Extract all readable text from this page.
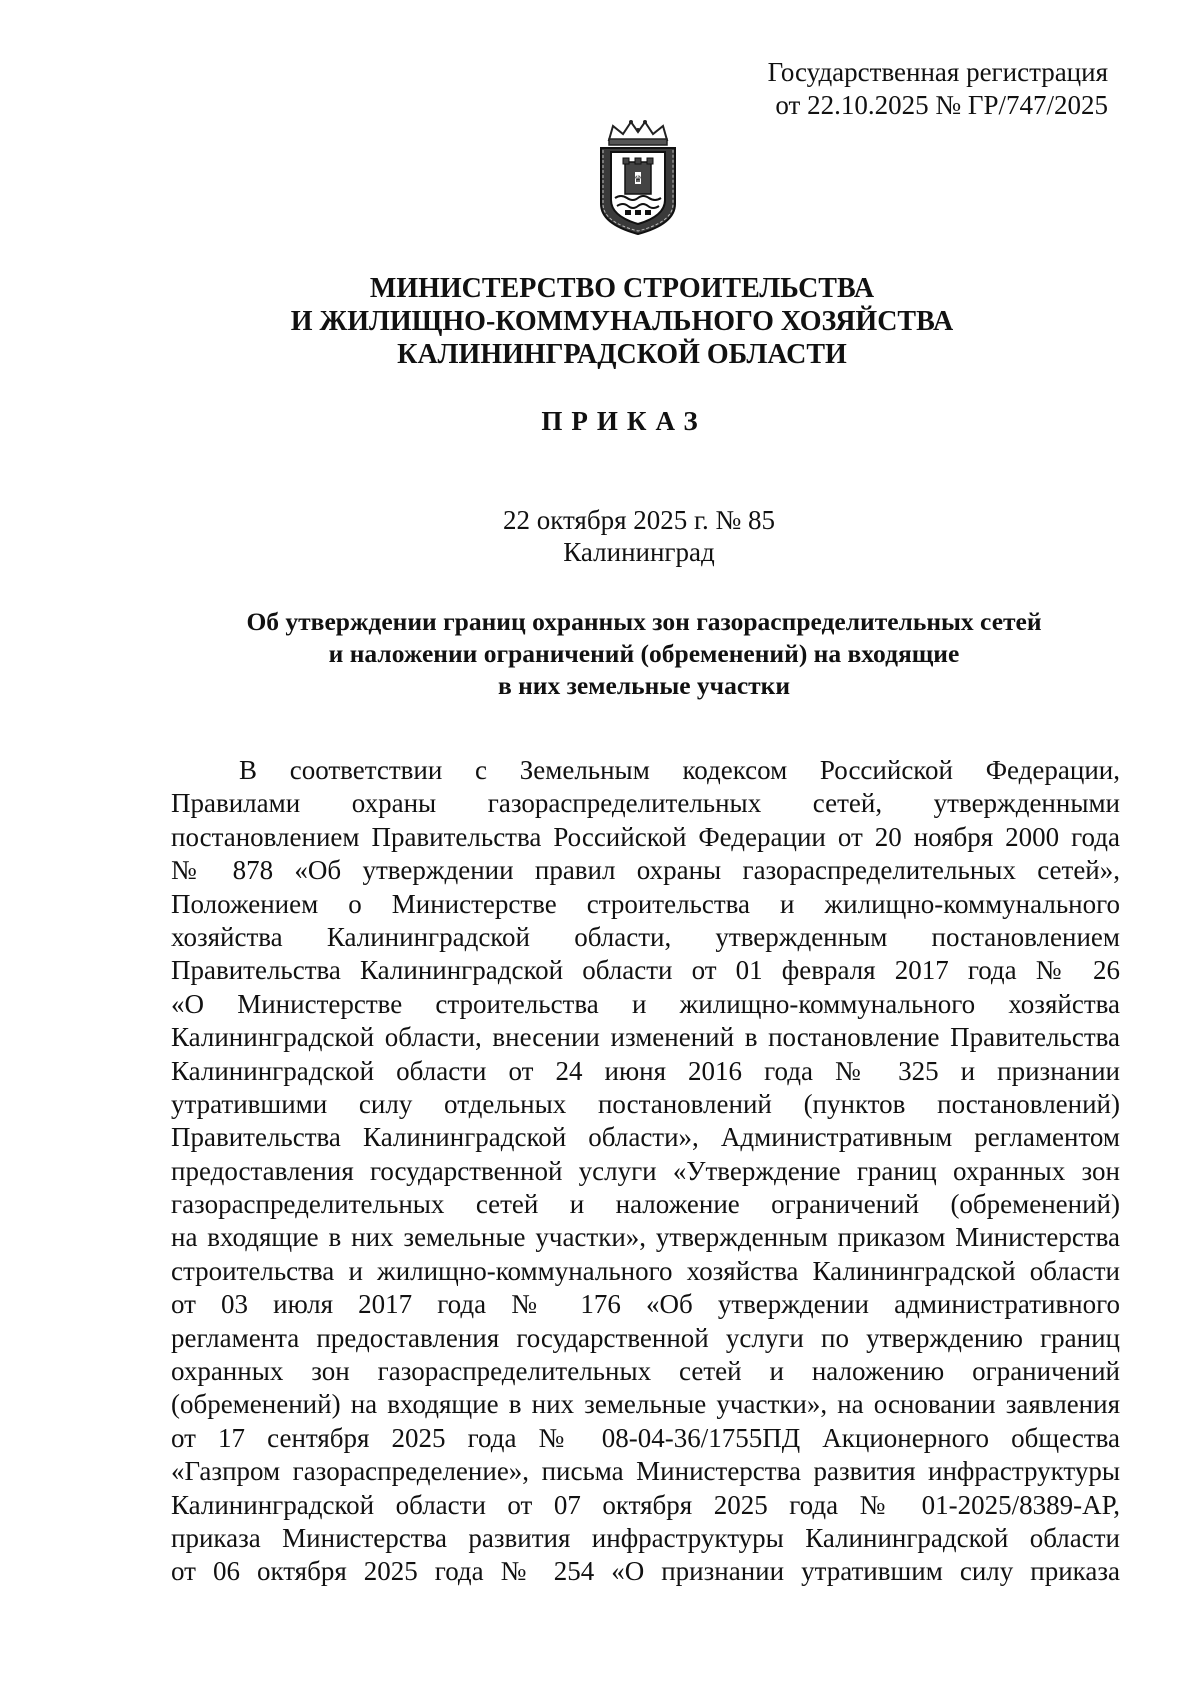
Государственная регистрация
от 22.10.2025 № ГР/747/2025
♛
МИНИСТЕРСТВО СТРОИТЕЛЬСТВА
И ЖИЛИЩНО-КОММУНАЛЬНОГО ХОЗЯЙСТВА
КАЛИНИНГРАДСКОЙ ОБЛАСТИ
ПРИКАЗ
22 октября 2025 г. № 85
Калининград
Об утверждении границ охранных зон газораспределительных сетей
и наложении ограничений (обременений) на входящие
в них земельные участки
В соответствии с Земельным кодексом Российской Федерации,
Правилами охраны газораспределительных сетей, утвержденными
постановлением Правительства Российской Федерации от 20 ноября 2000 года
№ 878 «Об утверждении правил охраны газораспределительных сетей»,
Положением о Министерстве строительства и жилищно-коммунального
хозяйства Калининградской области, утвержденным постановлением
Правительства Калининградской области от 01 февраля 2017 года № 26
«О Министерстве строительства и жилищно-коммунального хозяйства
Калининградской области, внесении изменений в постановление Правительства
Калининградской области от 24 июня 2016 года № 325 и признании
утратившими силу отдельных постановлений (пунктов постановлений)
Правительства Калининградской области», Административным регламентом
предоставления государственной услуги «Утверждение границ охранных зон
газораспределительных сетей и наложение ограничений (обременений)
на входящие в них земельные участки», утвержденным приказом Министерства
строительства и жилищно-коммунального хозяйства Калининградской области
от 03 июля 2017 года № 176 «Об утверждении административного
регламента предоставления государственной услуги по утверждению границ
охранных зон газораспределительных сетей и наложению ограничений
(обременений) на входящие в них земельные участки», на основании заявления
от 17 сентября 2025 года № 08-04-36/1755ПД Акционерного общества
«Газпром газораспределение», письма Министерства развития инфраструктуры
Калининградской области от 07 октября 2025 года № 01-2025/8389-АР,
приказа Министерства развития инфраструктуры Калининградской области
от 06 октября 2025 года № 254 «О признании утратившим силу приказа
